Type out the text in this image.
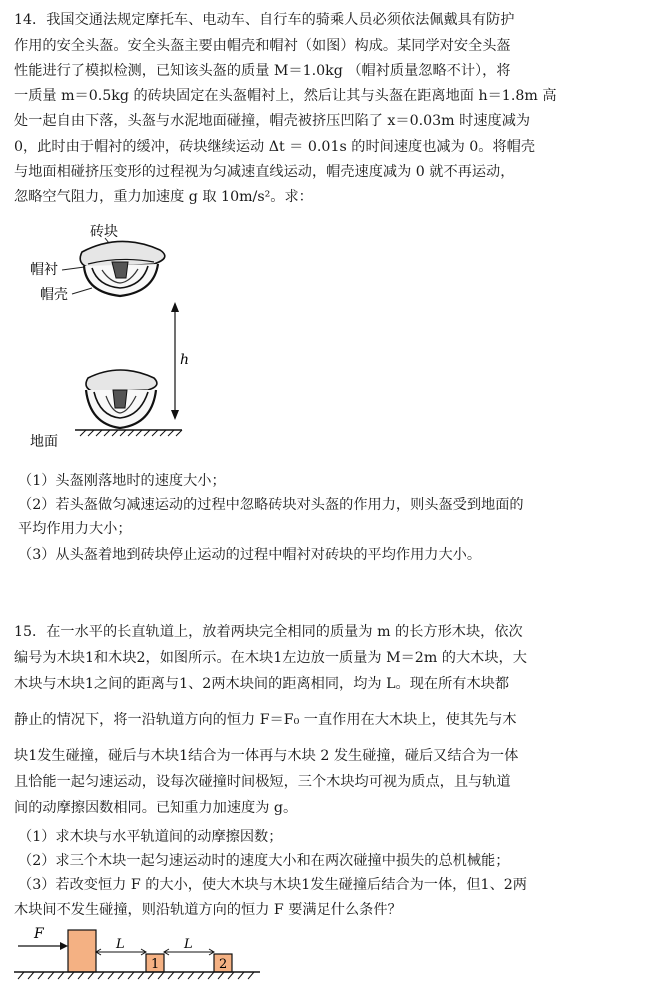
14．我国交通法规定摩托车、电动车、自行车的骑乘人员必须依法佩戴具有防护
作用的安全头盔。安全头盔主要由帽壳和帽衬（如图）构成。某同学对安全头盔
性能进行了模拟检测，已知该头盔的质量 M＝1.0kg （帽衬质量忽略不计），将
一质量 m＝0.5kg 的砖块固定在头盔帽衬上，然后让其与头盔在距离地面 h＝1.8m 高
处一起自由下落，头盔与水泥地面碰撞，帽壳被挤压凹陷了 x＝0.03m 时速度减为
0，此时由于帽衬的缓冲，砖块继续运动 Δt ＝ 0.01s 的时间速度也减为 0。将帽壳
与地面相碰挤压变形的过程视为匀减速直线运动，帽壳速度减为 0 就不再运动，
忽略空气阻力，重力加速度 g 取 10m/s²。求：
砖块
帽衬
帽壳
h
地面
（1）头盔刚落地时的速度大小；
（2）若头盔做匀减速运动的过程中忽略砖块对头盔的作用力，则头盔受到地面的
平均作用力大小；
（3）从头盔着地到砖块停止运动的过程中帽衬对砖块的平均作用力大小。
15．在一水平的长直轨道上，放着两块完全相同的质量为 m 的长方形木块，依次
编号为木块1和木块2，如图所示。在木块1左边放一质量为 M＝2m 的大木块，大
木块与木块1之间的距离与1、2两木块间的距离相同，均为 L。现在所有木块都
静止的情况下，将一沿轨道方向的恒力 F＝F₀ 一直作用在大木块上，使其先与木
块1发生碰撞，碰后与木块1结合为一体再与木块 2 发生碰撞，碰后又结合为一体
且恰能一起匀速运动，设每次碰撞时间极短，三个木块均可视为质点，且与轨道
间的动摩擦因数相同。已知重力加速度为 g。
（1）求木块与水平轨道间的动摩擦因数；
（2）求三个木块一起匀速运动时的速度大小和在两次碰撞中损失的总机械能；
（3）若改变恒力 F 的大小，使大木块与木块1发生碰撞后结合为一体，但1、2两
木块间不发生碰撞，则沿轨道方向的恒力 F 要满足什么条件？
F
L
1
L
2
